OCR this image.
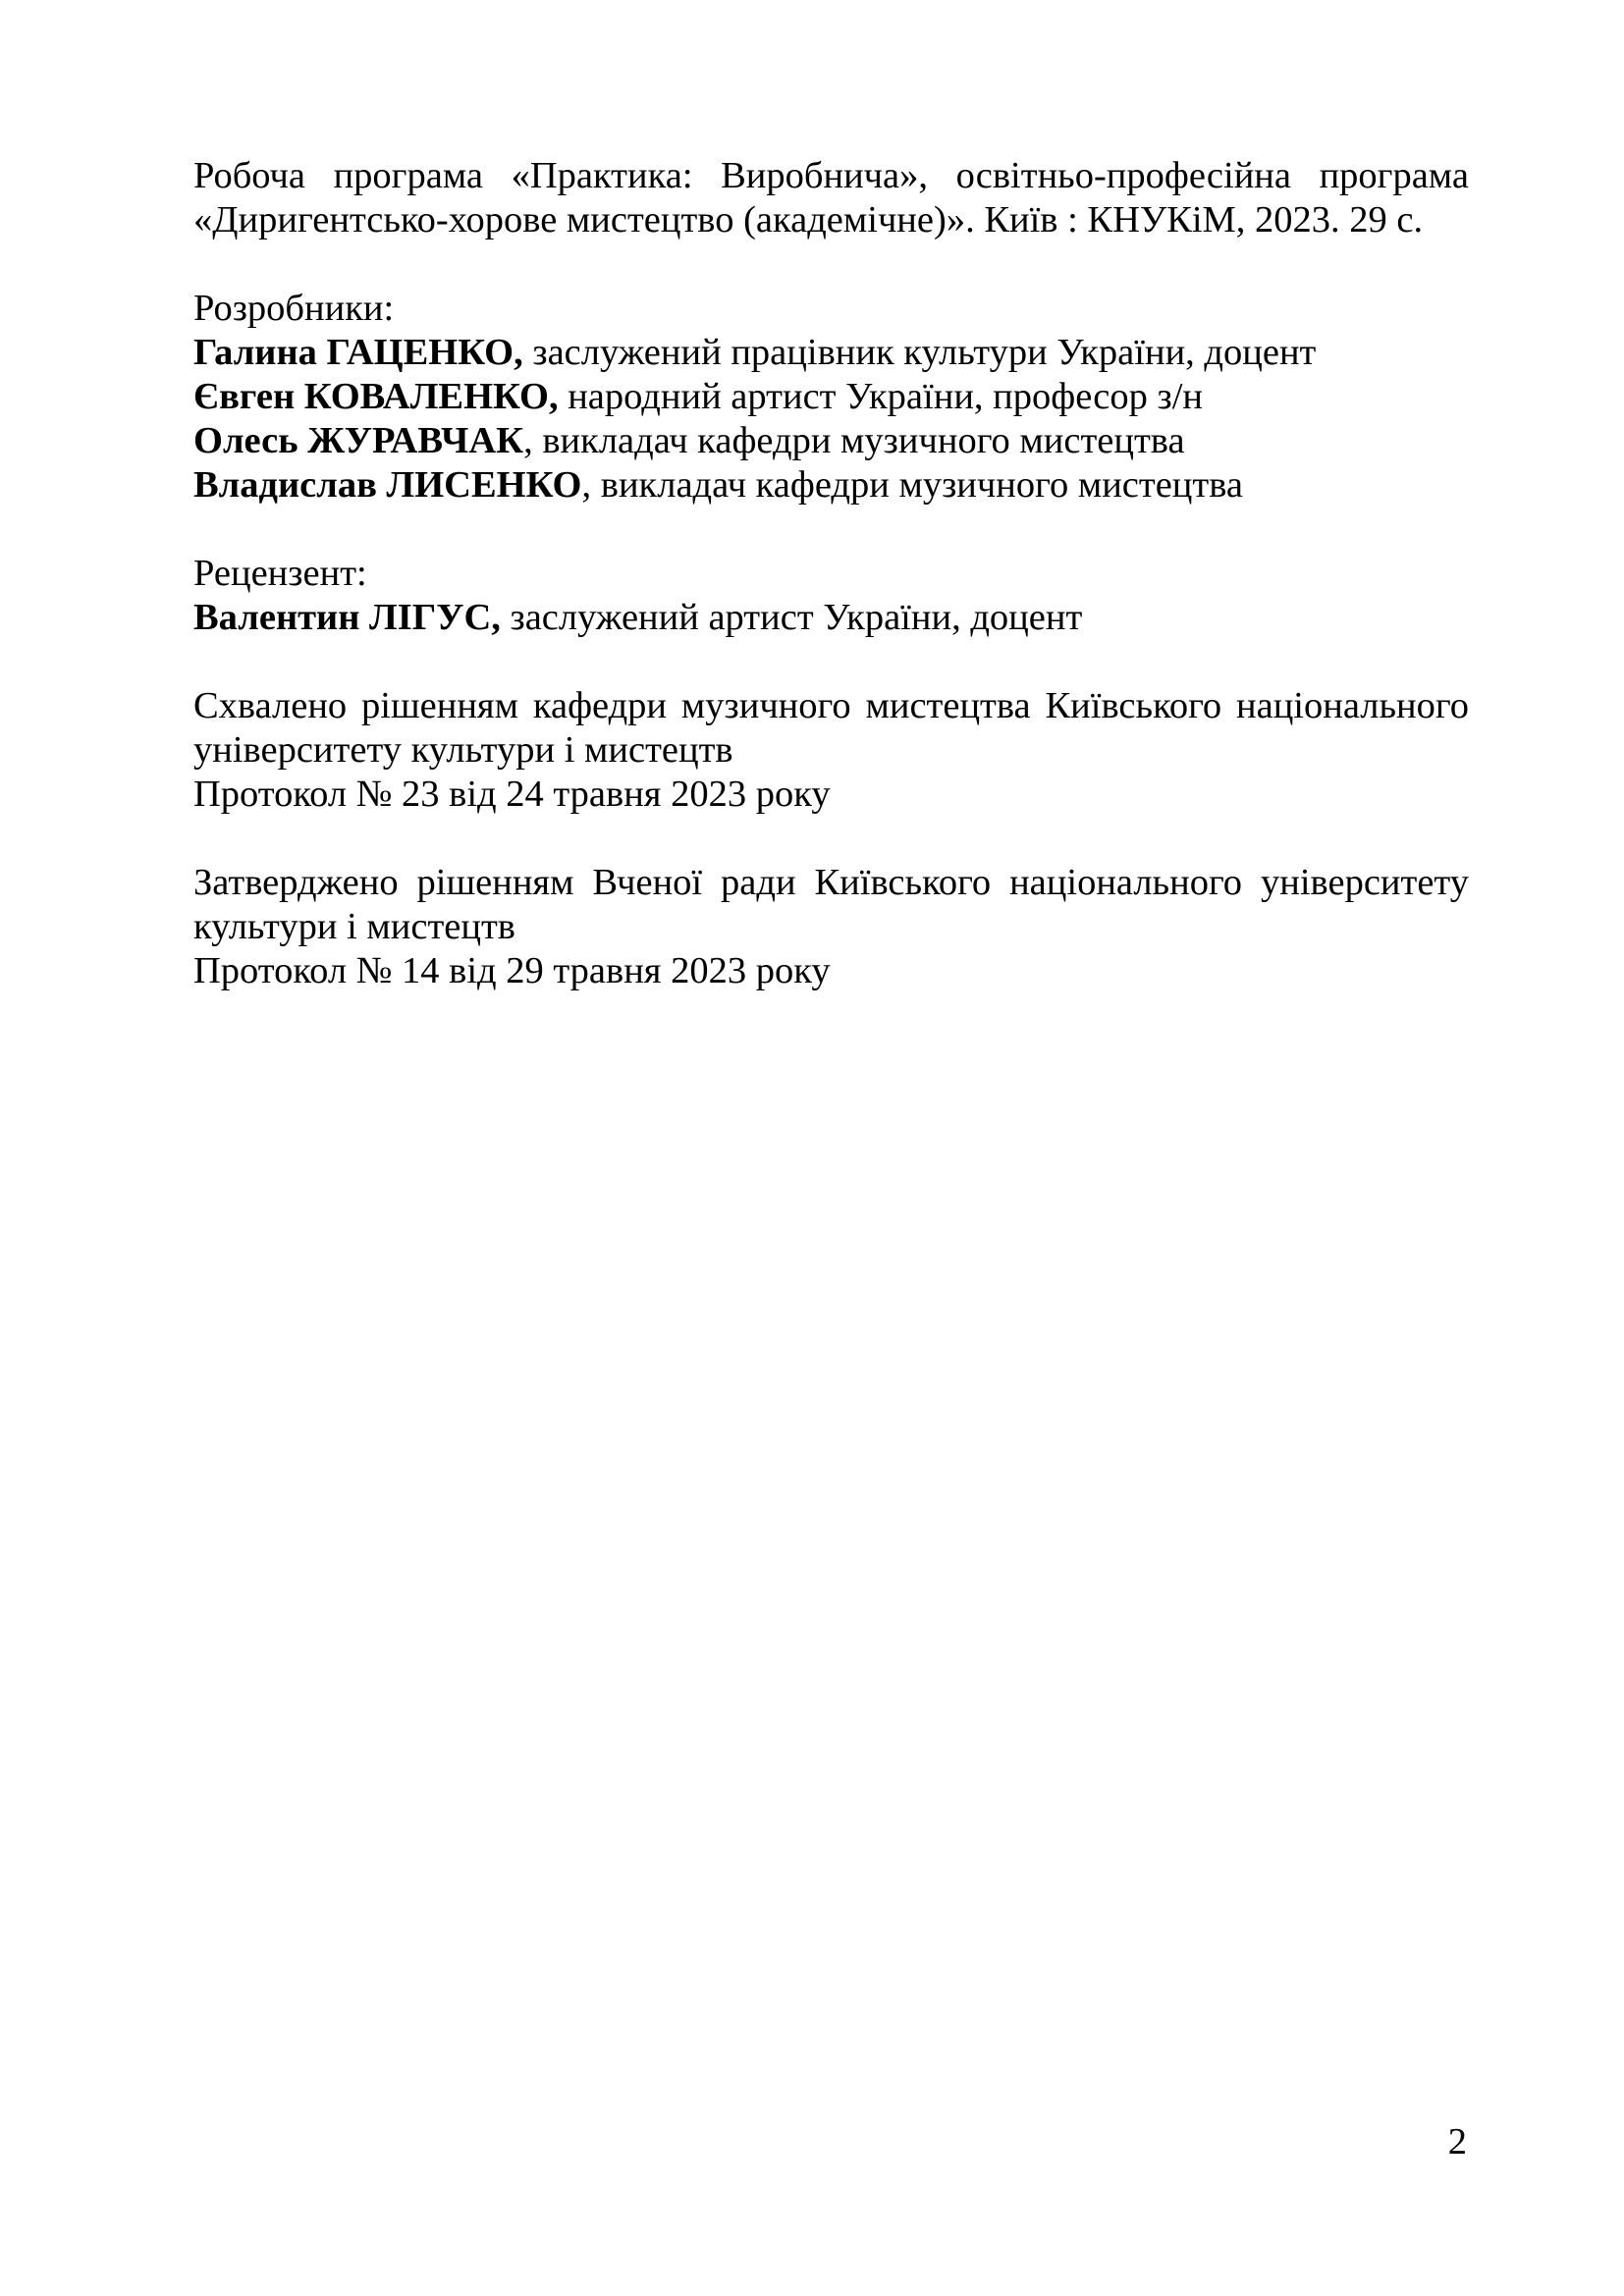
Робоча програма «Практика: Виробнича», освітньо-професійна програма «Диригентсько-хорове мистецтво (академічне)». Київ : КНУКіМ, 2023. 29 с.

Розробники:
Галина ГАЦЕНКО, заслужений працівник культури України, доцент
Євген КОВАЛЕНКО, народний артист України, професор з/н
Олесь ЖУРАВЧАК, викладач кафедри музичного мистецтва
Владислав ЛИСЕНКО, викладач кафедри музичного мистецтва
Рецензент:
Валентин ЛІГУС, заслужений артист України, доцент

Схвалено рішенням кафедри музичного мистецтва Київського національного університету культури і мистецтв

Протокол № 23 від 24 травня 2023 року

Затверджено рішенням Вченої ради Київського національного університету культури і мистецтв

Протокол № 14 від 29 травня 2023 року
2
